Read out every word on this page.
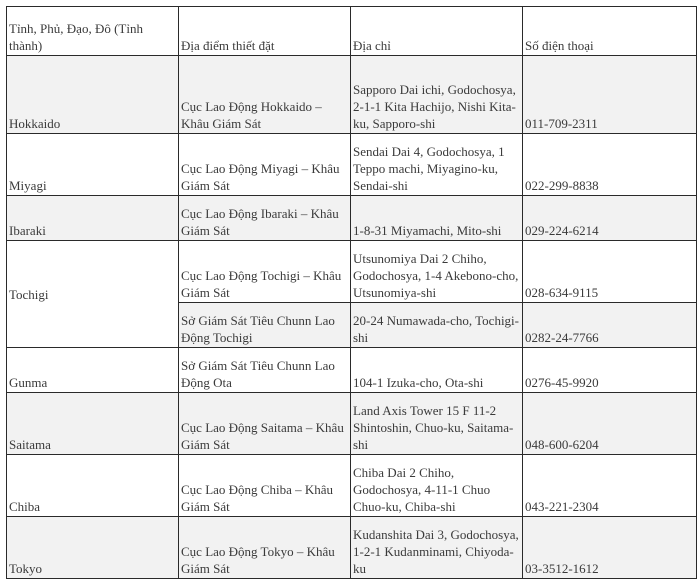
Tỉnh, Phủ, Đạo, Đô (Tỉnh thành)	Địa điểm thiết đặt	Địa chỉ	Số điện thoại
Hokkaido	Cục Lao Động Hokkaido – Khâu Giám Sát	Sapporo Dai ichi, Godochosya, 2-1-1 Kita Hachijo, Nishi Kita-ku, Sapporo-shi	011-709-2311
Miyagi	Cục Lao Động Miyagi – Khâu Giám Sát	Sendai Dai 4, Godochosya, 1 Teppo machi, Miyagino-ku, Sendai-shi	022-299-8838
Ibaraki	Cục Lao Động Ibaraki – Khâu Giám Sát	1-8-31 Miyamachi, Mito-shi	029-224-6214
Tochigi	Cục Lao Động Tochigi – Khâu Giám Sát	Utsunomiya Dai 2 Chiho, Godochosya, 1-4 Akebono-cho, Utsunomiya-shi	028-634-9115
	Sở Giám Sát Tiêu Chunn Lao Động Tochigi	20-24 Numawada-cho, Tochigi-shi	0282-24-7766
Gunma	Sở Giám Sát Tiêu Chunn Lao Động Ota	104-1 Izuka-cho, Ota-shi	0276-45-9920
Saitama	Cục Lao Động Saitama – Khâu Giám Sát	Land Axis Tower 15 F 11-2 Shintoshin, Chuo-ku, Saitama-shi	048-600-6204
Chiba	Cục Lao Động Chiba – Khâu Giám Sát	Chiba Dai 2 Chiho, Godochosya, 4-11-1 Chuo Chuo-ku, Chiba-shi	043-221-2304
Tokyo	Cục Lao Động Tokyo – Khâu Giám Sát	Kudanshita Dai 3, Godochosya, 1-2-1 Kudanminami, Chiyoda-ku	03-3512-1612
